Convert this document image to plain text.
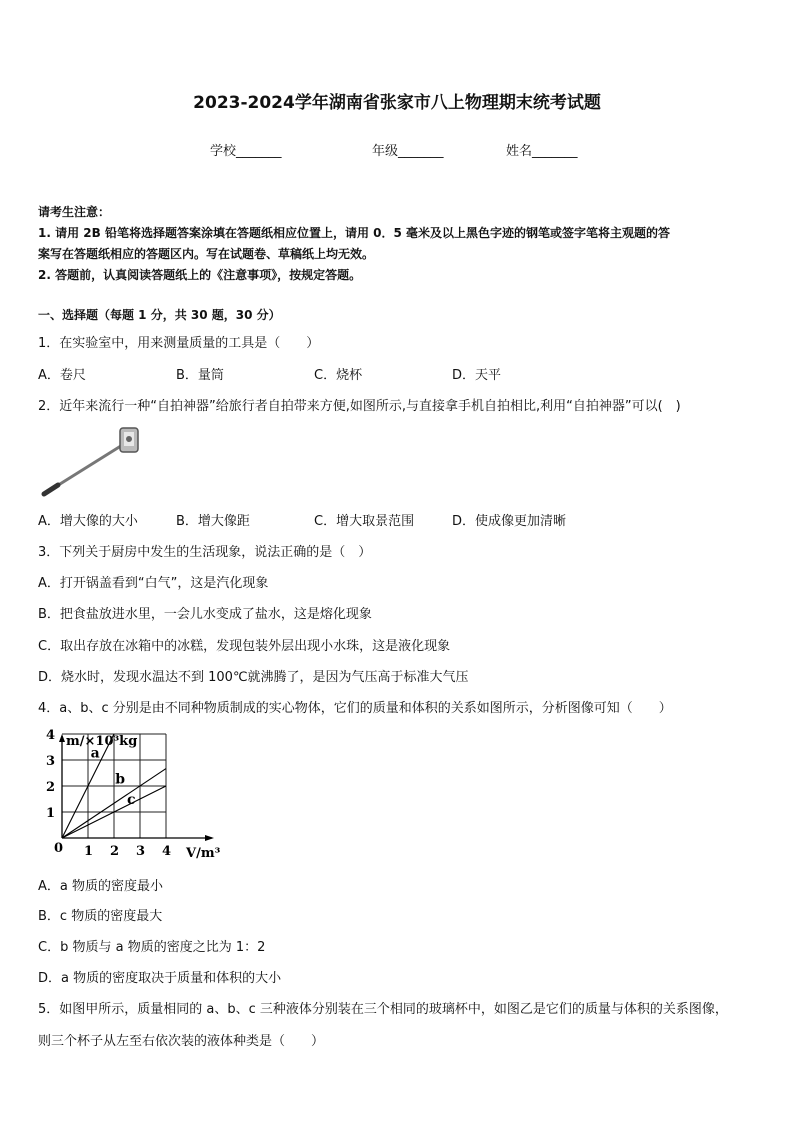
2023-2024学年湖南省张家市八上物理期末统考试题
学校_______	年级_______	姓名_______
请考生注意：
1. 请用 2B 铅笔将选择题答案涂填在答题纸相应位置上，请用 0．5 毫米及以上黑色字迹的钢笔或签字笔将主观题的答
案写在答题纸相应的答题区内。写在试题卷、草稿纸上均无效。
2. 答题前，认真阅读答题纸上的《注意事项》，按规定答题。
一、选择题（每题 1 分，共 30 题，30 分）
1．在实验室中，用来测量质量的工具是（　　）
A．卷尺	B．量筒	C．烧杯	D．天平
2．近年来流行一种“自拍神器”给旅行者自拍带来方便,如图所示,与直接拿手机自拍相比,利用“自拍神器”可以(　)
A．增大像的大小	B．增大像距	C．增大取景范围	D．使成像更加清晰
3．下列关于厨房中发生的生活现象，说法正确的是（　）
A．打开锅盖看到“白气”，这是汽化现象
B．把食盐放进水里，一会儿水变成了盐水，这是熔化现象
C．取出存放在冰箱中的冰糕，发现包装外层出现小水珠，这是液化现象
D．烧水时，发现水温达不到 100℃就沸腾了，是因为气压高于标准大气压
4．a、b、c 分别是由不同种物质制成的实心物体，它们的质量和体积的关系如图所示，分析图像可知（　　）
m/×10³kg
V/m³
0 1 2 3 4
1
2
3
4
a
b
c
A．a 物质的密度最小
B．c 物质的密度最大
C．b 物质与 a 物质的密度之比为 1：2
D．a 物质的密度取决于质量和体积的大小
5．如图甲所示，质量相同的 a、b、c 三种液体分别装在三个相同的玻璃杯中，如图乙是它们的质量与体积的关系图像，
则三个杯子从左至右依次装的液体种类是（　　）
